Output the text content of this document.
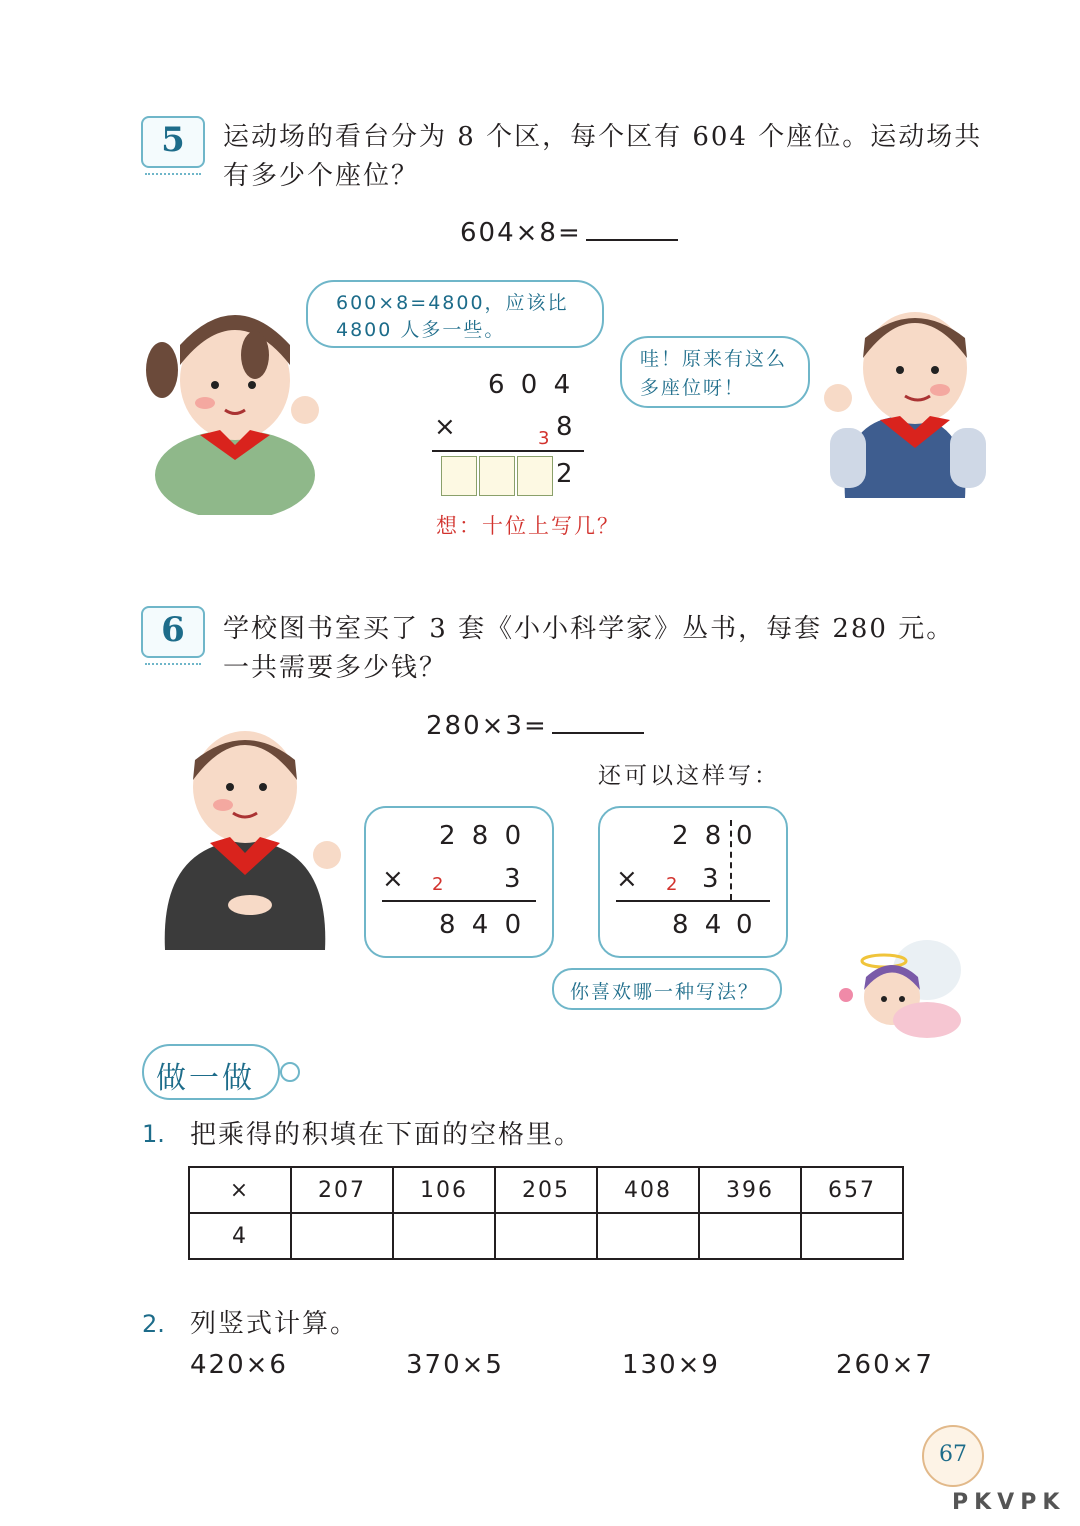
5	运动场的看台分为 8 个区，每个区有 604 个座位。运动场共
有多少个座位？
604×8=
600×8=4800，应该比
4800 人多一些。
哇！原来有这么
多座位呀！
6 0 4
×	3 8
2
想：十位上写几？
6	学校图书室买了 3 套《小小科学家》丛书，每套 280 元。
一共需要多少钱？
280×3=
还可以这样写：
2 8 0
× 2 3
8 4 0
2 8 0
× 2 3
8 4 0
你喜欢哪一种写法？
做一做
1. 把乘得的积填在下面的空格里。
×	207	106	205	408	396	657
4						
2. 列竖式计算。
420×6	370×5	130×9	260×7
67
PKVPK
